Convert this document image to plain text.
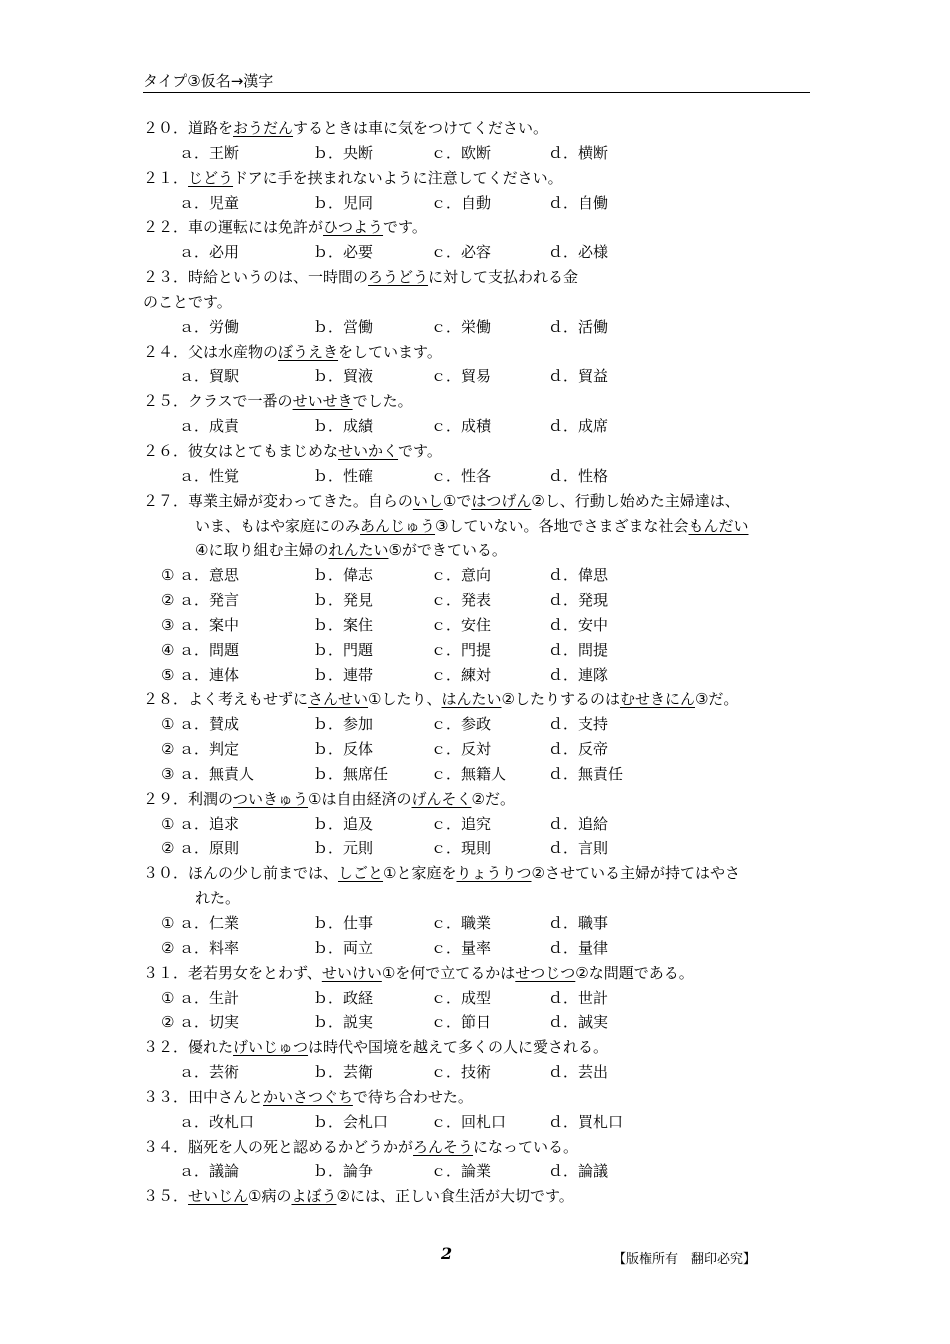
タイプ③仮名→漢字
２０．道路をおうだんするときは車に気をつけてください。
ａ．王断	ｂ．央断	ｃ．欧断	ｄ．横断
２１．じどうドアに手を挟まれないように注意してください。
ａ．児童	ｂ．児同	ｃ．自動	ｄ．自働
２２．車の運転には免許がひつようです。
ａ．必用	ｂ．必要	ｃ．必容	ｄ．必様
２３．時給というのは、一時間のろうどうに対して支払われる金
のことです。
ａ．労働	ｂ．営働	ｃ．栄働	ｄ．活働
２４．父は水産物のぼうえきをしています。
ａ．貿駅	ｂ．貿液	ｃ．貿易	ｄ．貿益
２５．クラスで一番のせいせきでした。
ａ．成責	ｂ．成績	ｃ．成積	ｄ．成席
２６．彼女はとてもまじめなせいかくです。
ａ．性覚	ｂ．性確	ｃ．性各	ｄ．性格
２７．専業主婦が変わってきた。自らのいし①ではつげん②し、行動し始めた主婦達は、
いま、もはや家庭にのみあんじゅう③していない。各地でさまざまな社会もんだい
④に取り組む主婦のれんたい⑤ができている。
① ａ．意思	ｂ．偉志	ｃ．意向	ｄ．偉思
② ａ．発言	ｂ．発見	ｃ．発表	ｄ．発現
③ ａ．案中	ｂ．案住	ｃ．安住	ｄ．安中
④ ａ．問題	ｂ．門題	ｃ．門提	ｄ．問提
⑤ ａ．連体	ｂ．連帯	ｃ．練対	ｄ．連隊
２８．よく考えもせずにさんせい①したり、はんたい②したりするのはむせきにん③だ。
① ａ．賛成	ｂ．参加	ｃ．参政	ｄ．支持
② ａ．判定	ｂ．反体	ｃ．反対	ｄ．反帝
③ ａ．無責人	ｂ．無席任	ｃ．無籍人	ｄ．無責任
２９．利潤のついきゅう①は自由経済のげんそく②だ。
① ａ．追求	ｂ．追及	ｃ．追究	ｄ．追給
② ａ．原則	ｂ．元則	ｃ．現則	ｄ．言則
３０．ほんの少し前までは、しごと①と家庭をりょうりつ②させている主婦が持てはやさ
れた。
① ａ．仁業	ｂ．仕事	ｃ．職業	ｄ．職事
② ａ．料率	ｂ．両立	ｃ．量率	ｄ．量律
３１．老若男女をとわず、せいけい①を何で立てるかはせつじつ②な問題である。
① ａ．生計	ｂ．政経	ｃ．成型	ｄ．世計
② ａ．切実	ｂ．説実	ｃ．節日	ｄ．誠実
３２．優れたげいじゅつは時代や国境を越えて多くの人に愛される。
ａ．芸術	ｂ．芸衛	ｃ．技術	ｄ．芸出
３３．田中さんとかいさつぐちで待ち合わせた。
ａ．改札口	ｂ．会札口	ｃ．回札口	ｄ．買札口
３４．脳死を人の死と認めるかどうかがろんそうになっている。
ａ．議論	ｂ．論争	ｃ．論業	ｄ．論議
３５．せいじん①病のよぼう②には、正しい食生活が大切です。
2	【版権所有　翻印必究】
